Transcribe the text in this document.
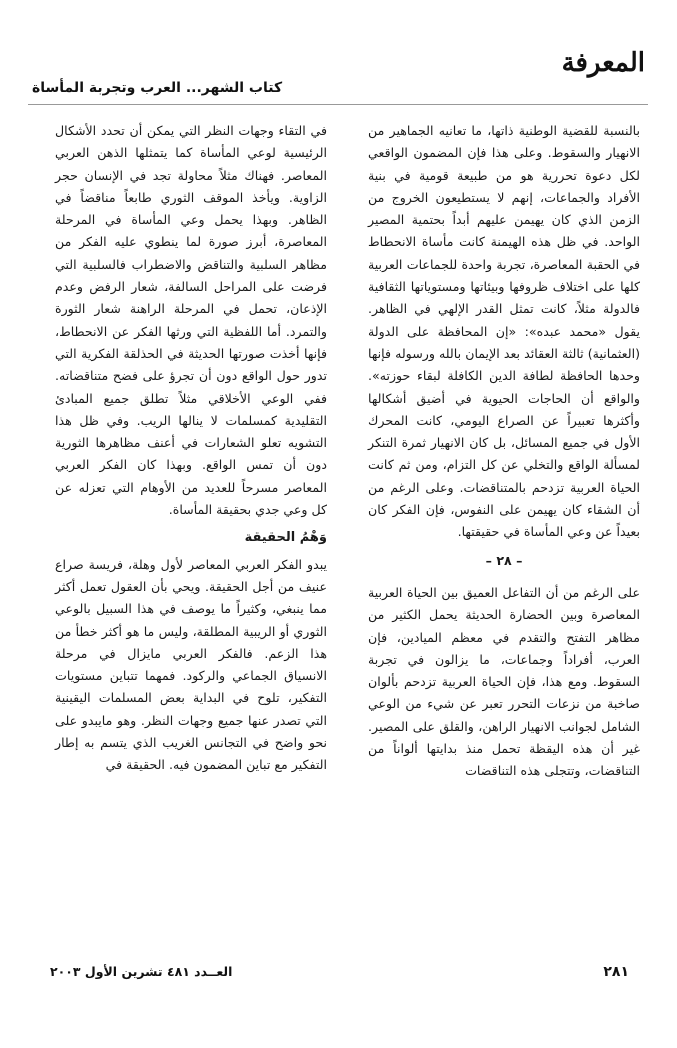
المعرفة
كتاب الشهر... العرب وتجربة المأساة

بالنسبة للقضية الوطنية ذاتها، ما تعانيه الجماهير من الانهيار والسقوط. وعلى هذا فإن المضمون الواقعي لكل دعوة تحررية هو من طبيعة قومية في بنية الأفراد والجماعات، إنهم لا يستطيعون الخروج من الزمن الذي كان يهيمن عليهم أبداً بحتمية المصير الواحد. في ظل هذه الهيمنة كانت مأساة الانحطاط في الحقبة المعاصرة، تجربة واحدة للجماعات العربية كلها على اختلاف ظروفها وبيئاتها ومستوياتها الثقافية فالدولة مثلاً، كانت تمثل القدر الإلهي في الظاهر. يقول «محمد عبده»: «إن المحافظة على الدولة (العثمانية) ثالثة العقائد بعد الإيمان بالله ورسوله فإنها وحدها الحافظة لطافة الدين الكافلة لبقاء حوزته». والواقع أن الحاجات الحيوية في أضيق أشكالها وأكثرها تعبيراً عن الصراع اليومي، كانت المحرك الأول في جميع المسائل، بل كان الانهيار ثمرة التنكر لمسألة الواقع والتخلي عن كل التزام، ومن ثم كانت الحياة العربية تزدحم بالمتناقضات. وعلى الرغم من أن الشقاء كان يهيمن على النفوس، فإن الفكر كان بعيداً عن وعي المأساة في حقيقتها.

– ٢٨ –

على الرغم من أن التفاعل العميق بين الحياة العربية المعاصرة وبين الحضارة الحديثة يحمل الكثير من مظاهر التفتح والتقدم في معظم الميادين، فإن العرب، أفراداً وجماعات، ما يزالون في تجربة السقوط. ومع هذا، فإن الحياة العربية تزدحم بألوان صاخبة من نزعات التحرر تعبر عن شيء من الوعي الشامل لجوانب الانهيار الراهن، والقلق على المصير. غير أن هذه اليقظة تحمل منذ بدايتها ألواناً من التناقضات، وتتجلى هذه التناقضات

في التقاء وجهات النظر التي يمكن أن تحدد الأشكال الرئيسية لوعي المأساة كما يتمثلها الذهن العربي المعاصر. فهناك مثلاً محاولة تجد في الإنسان حجر الزاوية. ويأخذ الموقف الثوري طابعاً مناقضاً في الظاهر. وبهذا يحمل وعي المأساة في المرحلة المعاصرة، أبرز صورة لما ينطوي عليه الفكر من مظاهر السلبية والتناقض والاضطراب فالسلبية التي فرضت على المراحل السالفة، شعار الرفض وعدم الإذعان، تحمل في المرحلة الراهنة شعار الثورة والتمرد. أما اللفظية التي ورثها الفكر عن الانحطاط، فإنها أخذت صورتها الحديثة في الحذلقة الفكرية التي تدور حول الواقع دون أن تجرؤ على فضح متناقضاته. ففي الوعي الأخلاقي مثلاً تطلق جميع المبادئ التقليدية كمسلمات لا ينالها الريب. وفي ظل هذا التشويه تعلو الشعارات في أعنف مظاهرها الثورية دون أن تمس الواقع. وبهذا كان الفكر العربي المعاصر مسرحاً للعديد من الأوهام التي تعزله عن كل وعي جدي بحقيقة المأساة.

وَهْمُ الحقيقة

يبدو الفكر العربي المعاصر لأول وهلة، فريسة صراع عنيف من أجل الحقيقة. ويحي بأن العقول تعمل أكثر مما ينبغي، وكثيراً ما يوصف في هذا السبيل بالوعي الثوري أو الريبية المطلقة، وليس ما هو أكثر خطأ من هذا الزعم. فالفكر العربي مايزال في مرحلة الانسياق الجماعي والركود. فمهما تتباين مستويات التفكير، تلوح في البداية بعض المسلمات اليقينية التي تصدر عنها جميع وجهات النظر. وهو مايبدو على نحو واضح في التجانس الغريب الذي يتسم به إطار التفكير مع تباين المضمون فيه. الحقيقة في

٢٨١
العــدد ٤٨١ تشرين الأول ٢٠٠٣
